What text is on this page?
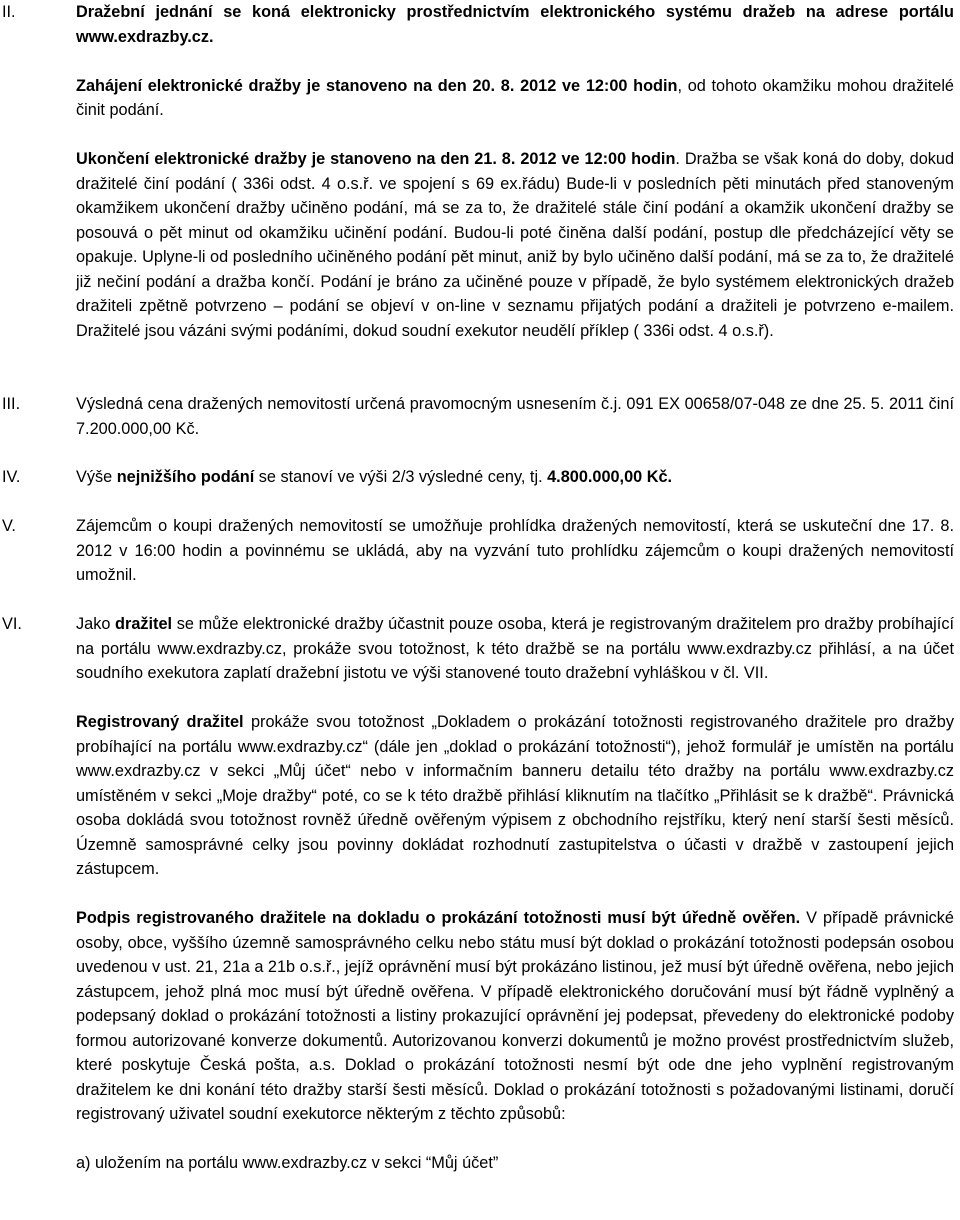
II.	Dražební jednání se koná elektronicky prostřednictvím elektronického systému dražeb na adrese portálu www.exdrazby.cz.

Zahájení elektronické dražby je stanoveno na den 20. 8. 2012 ve 12:00 hodin, od tohoto okamžiku mohou dražitelé činit podání.

Ukončení elektronické dražby je stanoveno na den 21. 8. 2012 ve 12:00 hodin. Dražba se však koná do doby, dokud dražitelé činí podání ( 336i odst. 4 o.s.ř. ve spojení s 69 ex.řádu) Bude-li v posledních pěti minutách před stanoveným okamžikem ukončení dražby učiněno podání, má se za to, že dražitelé stále činí podání a okamžik ukončení dražby se posouvá o pět minut od okamžiku učinění podání. Budou-li poté činěna další podání, postup dle předcházející věty se opakuje. Uplyne-li od posledního učiněného podání pět minut, aniž by bylo učiněno další podání, má se za to, že dražitelé již nečiní podání a dražba končí. Podání je bráno za učiněné pouze v případě, že bylo systémem elektronických dražeb dražiteli zpětně potvrzeno – podání se objeví v on-line v seznamu přijatých podání a dražiteli je potvrzeno e-mailem. Dražitelé jsou vázáni svými podáními, dokud soudní exekutor neudělí příklep ( 336i odst. 4 o.s.ř).

III.	Výsledná cena dražených nemovitostí určená pravomocným usnesením č.j. 091 EX 00658/07-048 ze dne 25. 5. 2011 činí 7.200.000,00 Kč.

IV.	Výše nejnižšího podání se stanoví ve výši 2/3 výsledné ceny, tj. 4.800.000,00 Kč.

V.	Zájemcům o koupi dražených nemovitostí se umožňuje prohlídka dražených nemovitostí, která se uskuteční dne 17. 8. 2012 v 16:00 hodin a povinnému se ukládá, aby na vyzvání tuto prohlídku zájemcům o koupi dražených nemovitostí umožnil.

VI.	Jako dražitel se může elektronické dražby účastnit pouze osoba, která je registrovaným dražitelem pro dražby probíhající na portálu www.exdrazby.cz, prokáže svou totožnost, k této dražbě se na portálu www.exdrazby.cz přihlásí, a na účet soudního exekutora zaplatí dražební jistotu ve výši stanovené touto dražební vyhláškou v čl. VII.

Registrovaný dražitel prokáže svou totožnost „Dokladem o prokázání totožnosti registrovaného dražitele pro dražby probíhající na portálu www.exdrazby.cz“ (dále jen „doklad o prokázání totožnosti“), jehož formulář je umístěn na portálu www.exdrazby.cz v sekci „Můj účet“ nebo v informačním banneru detailu této dražby na portálu www.exdrazby.cz umístěném v sekci „Moje dražby“ poté, co se k této dražbě přihlásí kliknutím na tlačítko „Přihlásit se k dražbě“. Právnická osoba dokládá svou totožnost rovněž úředně ověřeným výpisem z obchodního rejstříku, který není starší šesti měsíců. Územně samosprávné celky jsou povinny dokládat rozhodnutí zastupitelstva o účasti v dražbě v zastoupení jejich zástupcem.

Podpis registrovaného dražitele na dokladu o prokázání totožnosti musí být úředně ověřen. V případě právnické osoby, obce, vyššího územně samosprávného celku nebo státu musí být doklad o prokázání totožnosti podepsán osobou uvedenou v ust. 21, 21a a 21b o.s.ř., jejíž oprávnění musí být prokázáno listinou, jež musí být úředně ověřena, nebo jejich zástupcem, jehož plná moc musí být úředně ověřena. V případě elektronického doručování musí být řádně vyplněný a podepsaný doklad o prokázání totožnosti a listiny prokazující oprávnění jej podepsat, převedeny do elektronické podoby formou autorizované konverze dokumentů. Autorizovanou konverzi dokumentů je možno provést prostřednictvím služeb, které poskytuje Česká pošta, a.s. Doklad o prokázání totožnosti nesmí být ode dne jeho vyplnění registrovaným dražitelem ke dni konání této dražby starší šesti měsíců. Doklad o prokázání totožnosti s požadovanými listinami, doručí registrovaný uživatel soudní exekutorce některým z těchto způsobů:

a) uložením na portálu www.exdrazby.cz v sekci “Můj účet”
